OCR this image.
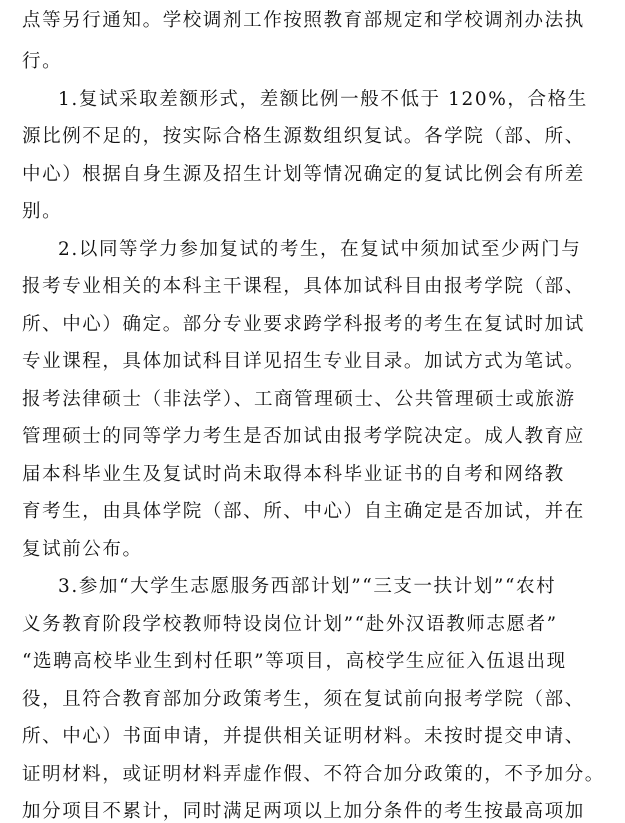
点等另行通知。学校调剂工作按照教育部规定和学校调剂办法执
行。
1.复试采取差额形式，差额比例一般不低于 120%，合格生
源比例不足的，按实际合格生源数组织复试。各学院（部、所、
中心）根据自身生源及招生计划等情况确定的复试比例会有所差
别。
2.以同等学力参加复试的考生，在复试中须加试至少两门与
报考专业相关的本科主干课程，具体加试科目由报考学院（部、
所、中心）确定。部分专业要求跨学科报考的考生在复试时加试
专业课程，具体加试科目详见招生专业目录。加试方式为笔试。
报考法律硕士（非法学）、工商管理硕士、公共管理硕士或旅游
管理硕士的同等学力考生是否加试由报考学院决定。成人教育应
届本科毕业生及复试时尚未取得本科毕业证书的自考和网络教
育考生，由具体学院（部、所、中心）自主确定是否加试，并在
复试前公布。
3.参加“大学生志愿服务西部计划”“三支一扶计划”“农村
义务教育阶段学校教师特设岗位计划”“赴外汉语教师志愿者”
“选聘高校毕业生到村任职”等项目，高校学生应征入伍退出现
役，且符合教育部加分政策考生，须在复试前向报考学院（部、
所、中心）书面申请，并提供相关证明材料。未按时提交申请、
证明材料，或证明材料弄虚作假、不符合加分政策的，不予加分。
加分项目不累计，同时满足两项以上加分条件的考生按最高项加
